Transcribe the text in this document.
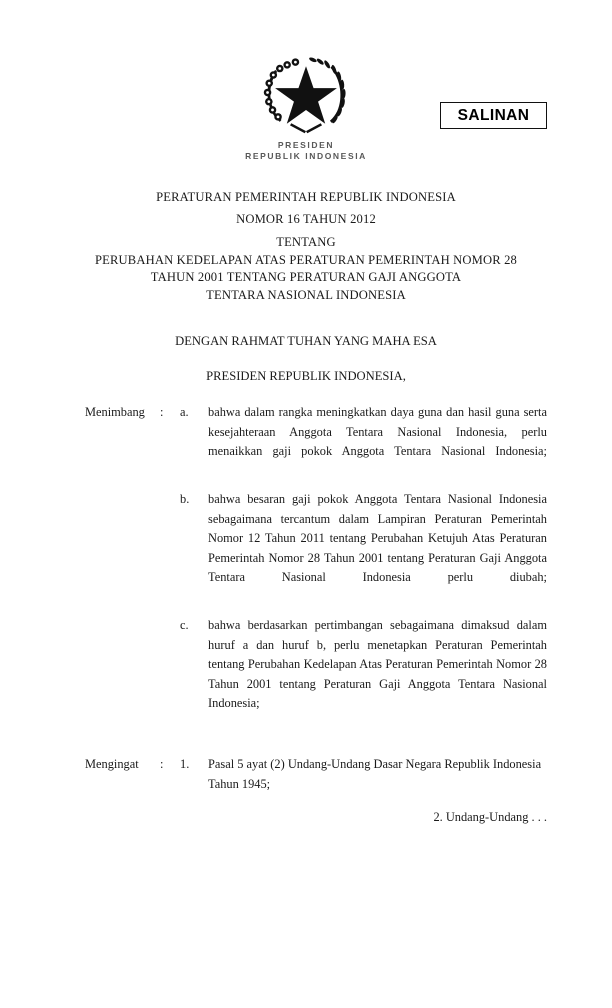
PRESIDEN
REPUBLIK INDONESIA
SALINAN
PERATURAN PEMERINTAH REPUBLIK INDONESIA
NOMOR 16 TAHUN 2012
TENTANG
PERUBAHAN KEDELAPAN ATAS PERATURAN PEMERINTAH NOMOR 28
TAHUN 2001 TENTANG PERATURAN GAJI ANGGOTA
TENTARA NASIONAL INDONESIA
DENGAN RAHMAT TUHAN YANG MAHA ESA
PRESIDEN REPUBLIK INDONESIA,
Menimbang	:	a.	bahwa dalam rangka meningkatkan daya guna dan hasil guna serta kesejahteraan Anggota Tentara Nasional Indonesia, perlu menaikkan gaji pokok Anggota Tentara Nasional Indonesia;
b.	bahwa besaran gaji pokok Anggota Tentara Nasional Indonesia sebagaimana tercantum dalam Lampiran Peraturan Pemerintah Nomor 12 Tahun 2011 tentang Perubahan Ketujuh Atas Peraturan Pemerintah Nomor 28 Tahun 2001 tentang Peraturan Gaji Anggota Tentara Nasional Indonesia perlu diubah;
c.	bahwa berdasarkan pertimbangan sebagaimana dimaksud dalam huruf a dan huruf b, perlu menetapkan Peraturan Pemerintah tentang Perubahan Kedelapan Atas Peraturan Pemerintah Nomor 28 Tahun 2001 tentang Peraturan Gaji Anggota Tentara Nasional Indonesia;
Mengingat	:	1.	Pasal 5 ayat (2) Undang-Undang Dasar Negara Republik Indonesia Tahun 1945;
2. Undang-Undang . . .
